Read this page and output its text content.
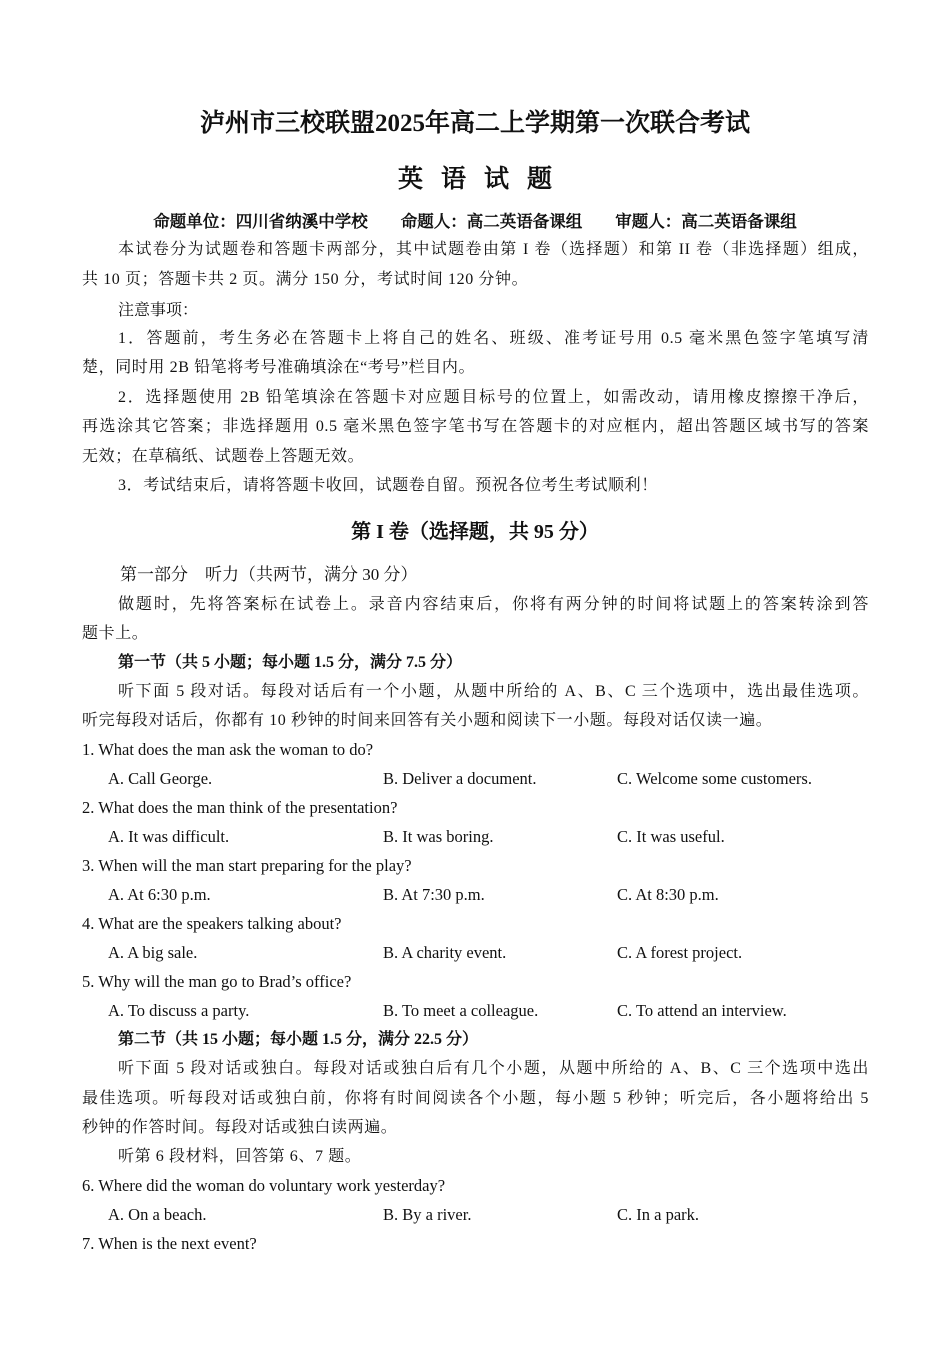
泸州市三校联盟2025年高二上学期第一次联合考试
英语试题
命题单位：四川省纳溪中学校　　命题人：高二英语备课组　　审题人：高二英语备课组
本试卷分为试题卷和答题卡两部分，其中试题卷由第 I 卷（选择题）和第 II 卷（非选择题）组成，
共 10 页；答题卡共 2 页。满分 150 分，考试时间 120 分钟。
注意事项：
1．答题前，考生务必在答题卡上将自己的姓名、班级、准考证号用 0.5 毫米黑色签字笔填写清
楚，同时用 2B 铅笔将考号准确填涂在“考号”栏目内。
2．选择题使用 2B 铅笔填涂在答题卡对应题目标号的位置上，如需改动，请用橡皮擦擦干净后，
再选涂其它答案；非选择题用 0.5 毫米黑色签字笔书写在答题卡的对应框内，超出答题区域书写的答案
无效；在草稿纸、试题卷上答题无效。
3．考试结束后，请将答题卡收回，试题卷自留。预祝各位考生考试顺利！
第 I 卷（选择题，共 95 分）
第一部分　听力（共两节，满分 30 分）
做题时，先将答案标在试卷上。录音内容结束后，你将有两分钟的时间将试题上的答案转涂到答
题卡上。
第一节（共 5 小题；每小题 1.5 分，满分 7.5 分）
听下面 5 段对话。每段对话后有一个小题，从题中所给的 A、B、C 三个选项中，选出最佳选项。
听完每段对话后，你都有 10 秒钟的时间来回答有关小题和阅读下一小题。每段对话仅读一遍。
1. What does the man ask the woman to do?
A. Call George.	B. Deliver a document.	C. Welcome some customers.
2. What does the man think of the presentation?
A. It was difficult.	B. It was boring.	C. It was useful.
3. When will the man start preparing for the play?
A. At 6:30 p.m.	B. At 7:30 p.m.	C. At 8:30 p.m.
4. What are the speakers talking about?
A. A big sale.	B. A charity event.	C. A forest project.
5. Why will the man go to Brad’s office?
A. To discuss a party.	B. To meet a colleague.	C. To attend an interview.
第二节（共 15 小题；每小题 1.5 分，满分 22.5 分）
听下面 5 段对话或独白。每段对话或独白后有几个小题，从题中所给的 A、B、C 三个选项中选出
最佳选项。听每段对话或独白前，你将有时间阅读各个小题，每小题 5 秒钟；听完后，各小题将给出 5
秒钟的作答时间。每段对话或独白读两遍。
听第 6 段材料，回答第 6、7 题。
6. Where did the woman do voluntary work yesterday?
A. On a beach.	B. By a river.	C. In a park.
7. When is the next event?
